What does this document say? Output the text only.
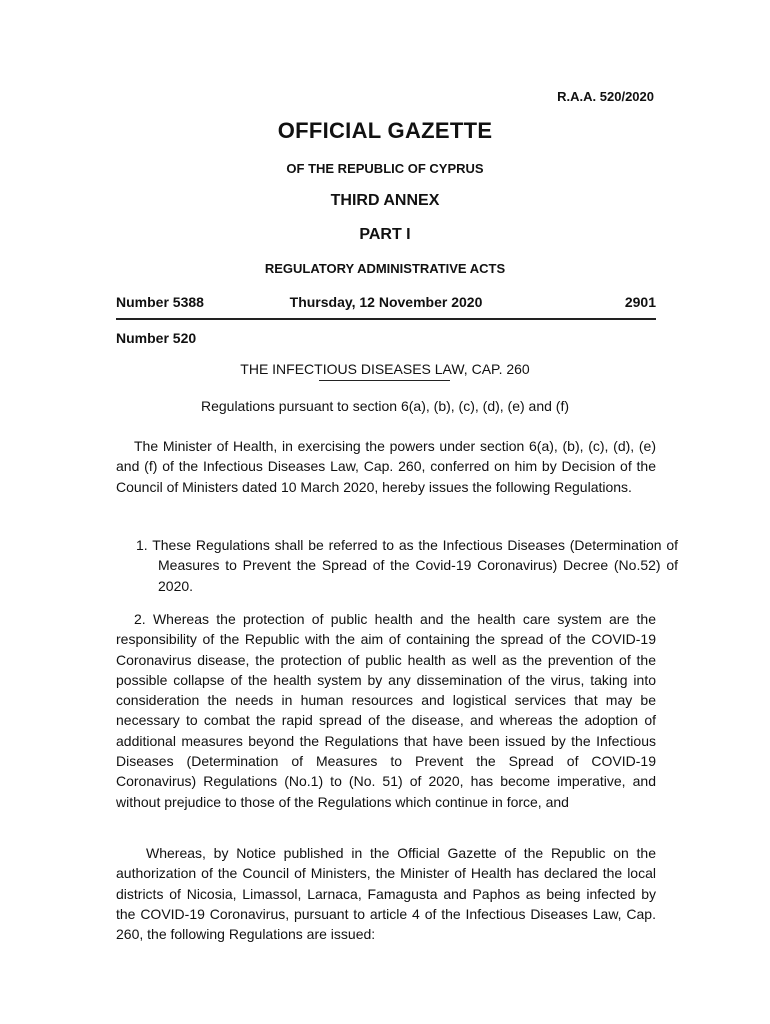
R.A.A. 520/2020
OFFICIAL GAZETTE
OF THE REPUBLIC OF CYPRUS
THIRD ANNEX
PART I
REGULATORY ADMINISTRATIVE ACTS
Number 5388	Thursday, 12 November 2020	2901
Number 520
THE INFECTIOUS DISEASES LAW, CAP. 260
Regulations pursuant to section 6(a), (b), (c), (d), (e) and (f)

The Minister of Health, in exercising the powers under section 6(a), (b), (c), (d), (e) and (f) of the Infectious Diseases Law, Cap. 260, conferred on him by Decision of the Council of Ministers dated 10 March 2020, hereby issues the following Regulations.

1. These Regulations shall be referred to as the Infectious Diseases (Determination of Measures to Prevent the Spread of the Covid-19 Coronavirus) Decree (No.52) of 2020.

2. Whereas the protection of public health and the health care system are the responsibility of the Republic with the aim of containing the spread of the COVID-19 Coronavirus disease, the protection of public health as well as the prevention of the possible collapse of the health system by any dissemination of the virus, taking into consideration the needs in human resources and logistical services that may be necessary to combat the rapid spread of the disease, and whereas the adoption of additional measures beyond the Regulations that have been issued by the Infectious Diseases (Determination of Measures to Prevent the Spread of COVID-19 Coronavirus) Regulations (No.1) to (No. 51) of 2020, has become imperative, and without prejudice to those of the Regulations which continue in force, and

Whereas, by Notice published in the Official Gazette of the Republic on the authorization of the Council of Ministers, the Minister of Health has declared the local districts of Nicosia, Limassol, Larnaca, Famagusta and Paphos as being infected by the COVID-19 Coronavirus, pursuant to article 4 of the Infectious Diseases Law, Cap. 260, the following Regulations are issued:
